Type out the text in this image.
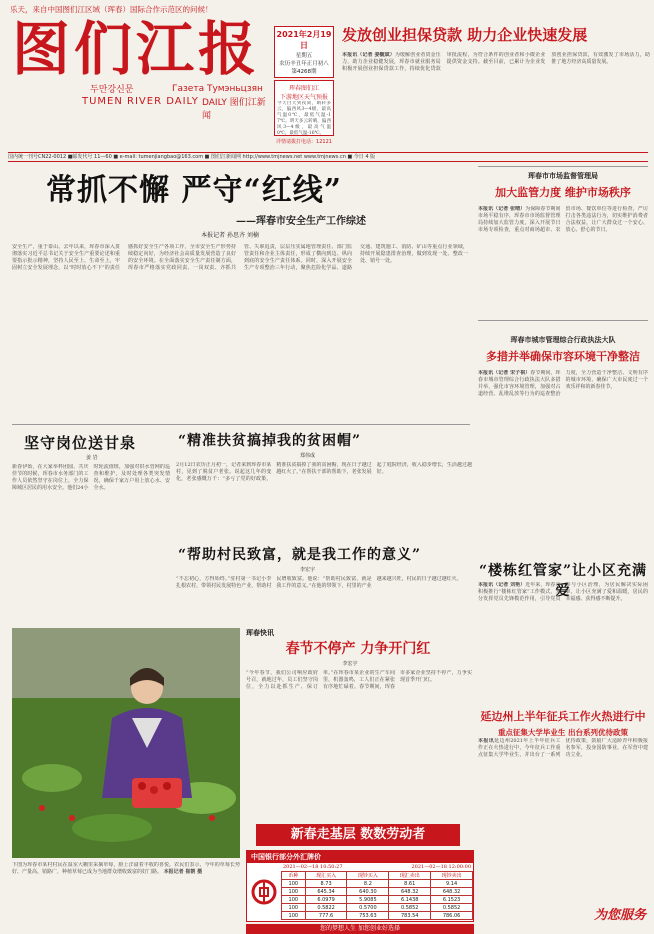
乐天，来自中国图们江区域（珲春）国际合作示范区的问候！
图们江报
두만강신문	Газета Тумэньцзян
TUMEN RIVER DAILY DAILY 图们江新闻
2021年2月19日
星期五
农历辛丑年正月初八
第4268期
珲春图们江
下游地区天气预报
今天白天到夜间，晴转多云，偏西风3—4级，最高气温0℃，最低气温-17℃。明天多云转晴，偏西风3—4级，最高气温0℃，最低气温-16℃。
详情请拨打电话：12121
发放创业担保贷款 助力企业快速发展
本报讯（记者 姜毓斌）为缓解创业者资金压力，助力企业稳健发展，珲春市就业服务局积极开展创业担保贷款工作，持续优化贷款审批流程，为符合条件的创业者和小微企业提供资金支持。截至目前，已累计为企业发放创业担保贷款，有效激发了市场活力，助推了地方经济高质量发展。
国内统一刊号CN22-0012 ■邮发代号 11—60 ■ e-mail: tumenjiangbao@163.com ■ 图们江新闻网 http://www.tmjnews.net www.tmjnews.cn ■ 今日 4 版
常抓不懈 严守“红线”
——珲春市安全生产工作综述
本报记者 孙思齐 刘楠
安全生产，重于泰山。去年以来，珲春市深入贯彻落实习近平总书记关于安全生产重要论述和重要指示批示精神，坚持人民至上、生命至上，牢固树立安全发展理念，以“时时放心不下”的责任感抓好安全生产各项工作，全市安全生产形势持续稳定向好，为经济社会高质量发展营造了良好的安全环境。在全面落实安全生产责任制方面，珲春市严格落实党政同责、一岗双责、齐抓共管、失职追责，层层压实属地管理责任、部门监管责任和企业主体责任，形成了横向到边、纵向到底的安全生产责任体系。同时，深入开展安全生产专项整治三年行动，聚焦危险化学品、道路交通、建筑施工、消防、矿山等重点行业领域，持续开展隐患排查治理，做到发现一处、整改一处、销号一处。
珲春市市场监督管理局
加大监管力度 维护市场秩序
本报讯（记者 张晴）为保障春节期间市场平稳有序，珲春市市场监督管理局持续加大监管力度，深入开展节日市场专项检查，重点对商场超市、农贸市场、餐饮单位等进行检查，严厉打击各类违法行为，切实维护消费者合法权益，让广大群众过一个安心、放心、舒心的节日。
珲春市城市管理综合行政执法大队
多措并举确保市容环境干净整洁
本报讯（记者 宋子祺）春节期间，珲春市城市管理综合行政执法大队多措并举，强化市容环境管理，加强对占道经营、乱堆乱放等行为的巡查整治力度，全力营造干净整洁、文明有序的城市环境，确保广大市民度过一个欢乐祥和的新春佳节。
坚守岗位送甘泉
姜 岩
新春伊始，在大家举杯团圆、共庆佳节的时候，珲春市水务部门的工作人员依然坚守在岗位上，全力保障城区居民的用水安全。他们24小时轮流值班，加强对供水管网的巡查和维护，及时处理各类突发情况，确保千家万户用上放心水、安全水。
“精准扶贫搞掉我的贫困帽”
郑伟成
2月12日农历正月初一，记者来到珲春市某村，见到了脱贫户老张。说起这几年的变化，老张感慨万千：“多亏了党的好政策，精准扶贫搞掉了我的贫困帽，现在日子越过越红火了。”在帮扶干部的帮助下，老张发展起了庭院经济，收入稳步增长，生活越过越好。
“帮助村民致富，就是我工作的意义”
李宏宇
“不忘初心，方得始终。”驻村第一书记小李扎根农村，带领村民发展特色产业，帮助村民增收致富。他说：“帮助村民致富，就是我工作的意义。”在他的带领下，村里的产业越来越兴旺，村民的日子越过越红火。
下图为珲春市某村村民在温室大棚里采摘草莓，脸上洋溢着丰收的喜悦。农民们表示，今年的草莓长势好、产量高、销路广，种植草莓已成为当地群众增收致富的好门路。 本报记者 崔朝 摄
珲春快讯
春节不停产 力争开门红
李宏宇
“今年春节，我们公司响应政府号召，就地过年，员工们坚守岗位，全力以赴抓生产、保订单。”在珲春市某企业的生产车间里，机器轰鸣，工人们正在紧张有序地忙碌着。春节期间，珲春市多家企业坚持不停产，力争实现首季开门红。
新春走基层 数数劳动者
“楼栋红管家”让小区充满爱
本报讯（记者 刘艳）近年来，珲春市积极推行“楼栋红管家”工作模式，充分发挥党员先锋模范作用，引导党员参与小区治理，为居民解决实际困难，让小区充满了爱和温暖，居民的幸福感、获得感不断提升。
延边州上半年征兵工作火热进行中
重点征集大学毕业生 出台系列优待政策
本报讯延边州2021年上半年征兵工作正在火热进行中，今年征兵工作重点征集大学毕业生，并出台了一系列优待政策，鼓励广大适龄青年积极报名参军，投身国防事业，在军营中建功立业。
中国银行部分外汇牌价
2021—02—18 10:50:27	2021—02—18 12:00:00
币种	现汇买入	现钞买入	现汇卖出	现钞卖出
100	8.73	8.2	8.61	9.14
100	645.34	640.30	648.32	648.32
100	6.0979	5.9085	6.1438	6.1523
100	0.5822	0.5700	0.5852	0.5852
100	777.6	753.63	783.54	786.06
您的梦想人生 加您创业好选择
为您服务
